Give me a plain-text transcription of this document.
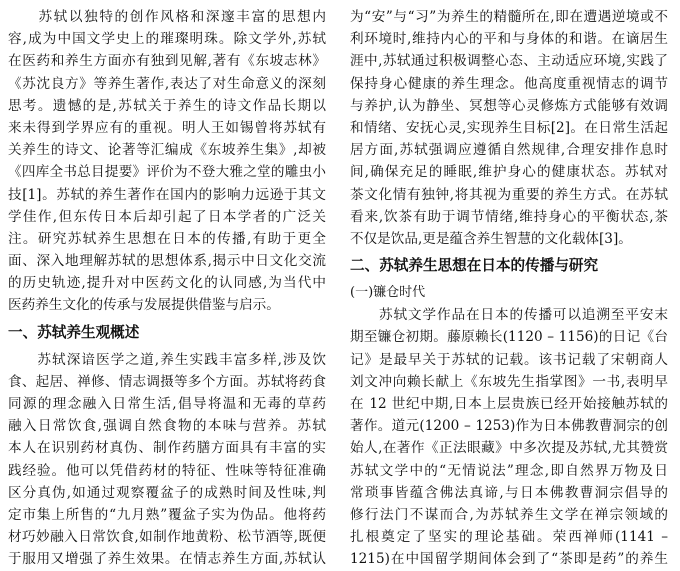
　　苏轼以独特的创作风格和深邃丰富的思想内
容,成为中国文学史上的璀璨明珠。除文学外,苏轼
在医药和养生方面亦有独到见解,著有《东坡志林》
《苏沈良方》等养生著作,表达了对生命意义的深刻
思考。遗憾的是,苏轼关于养生的诗文作品长期以
来未得到学界应有的重视。明人王如锡曾将苏轼有
关养生的诗文、论著等汇编成《东坡养生集》,却被
《四库全书总目提要》评价为不登大雅之堂的雕虫小
技[1]。苏轼的养生著作在国内的影响力远逊于其文
学佳作,但东传日本后却引起了日本学者的广泛关
注。研究苏轼养生思想在日本的传播,有助于更全
面、深入地理解苏轼的思想体系,揭示中日文化交流
的历史轨迹,提升对中医药文化的认同感,为当代中
医药养生文化的传承与发展提供借鉴与启示。
一、苏轼养生观概述
　　苏轼深谙医学之道,养生实践丰富多样,涉及饮
食、起居、禅修、情志调摄等多个方面。苏轼将药食
同源的理念融入日常生活,倡导将温和无毒的草药
融入日常饮食,强调自然食物的本味与营养。苏轼
本人在识别药材真伪、制作药膳方面具有丰富的实
践经验。他可以凭借药材的特征、性味等特征准确
区分真伪,如通过观察覆盆子的成熟时间及性味,判
定市集上所售的“九月熟”覆盆子实为伪品。他将药
材巧妙融入日常饮食,如制作地黄粉、松节酒等,既便
于服用又增强了养生效果。在情志养生方面,苏轼认
为“安”与“习”为养生的精髓所在,即在遭遇逆境或不
利环境时,维持内心的平和与身体的和谐。在谪居生
涯中,苏轼通过积极调整心态、主动适应环境,实践了
保持身心健康的养生理念。他高度重视情志的调节
与养护,认为静坐、冥想等心灵修炼方式能够有效调
和情绪、安抚心灵,实现养生目标[2]。在日常生活起
居方面,苏轼强调应遵循自然规律,合理安排作息时
间,确保充足的睡眠,维护身心的健康状态。苏轼对
茶文化情有独钟,将其视为重要的养生方式。在苏轼
看来,饮茶有助于调节情绪,维持身心的平衡状态,茶
不仅是饮品,更是蕴含养生智慧的文化载体[3]。
二、苏轼养生思想在日本的传播与研究
(一)镰仓时代
　　苏轼文学作品在日本的传播可以追溯至平安末
期至镰仓初期。藤原赖长(1120 – 1156)的日记《台
记》是最早关于苏轼的记载。该书记载了宋朝商人
刘文冲向赖长献上《东坡先生指掌图》一书,表明早
在 12 世纪中期,日本上层贵族已经开始接触苏轼的
著作。道元(1200 – 1253)作为日本佛教曹洞宗的创
始人,在著作《正法眼藏》中多次提及苏轼,尤其赞赏
苏轼文学中的“无情说法”理念,即自然界万物及日
常琐事皆蕴含佛法真谛,与日本佛教曹洞宗倡导的
修行法门不谋而合,为苏轼养生文学在禅宗领域的
扎根奠定了坚实的理论基础。荣西禅师(1141 –
1215)在中国留学期间体会到了“茶即是药”的养生
